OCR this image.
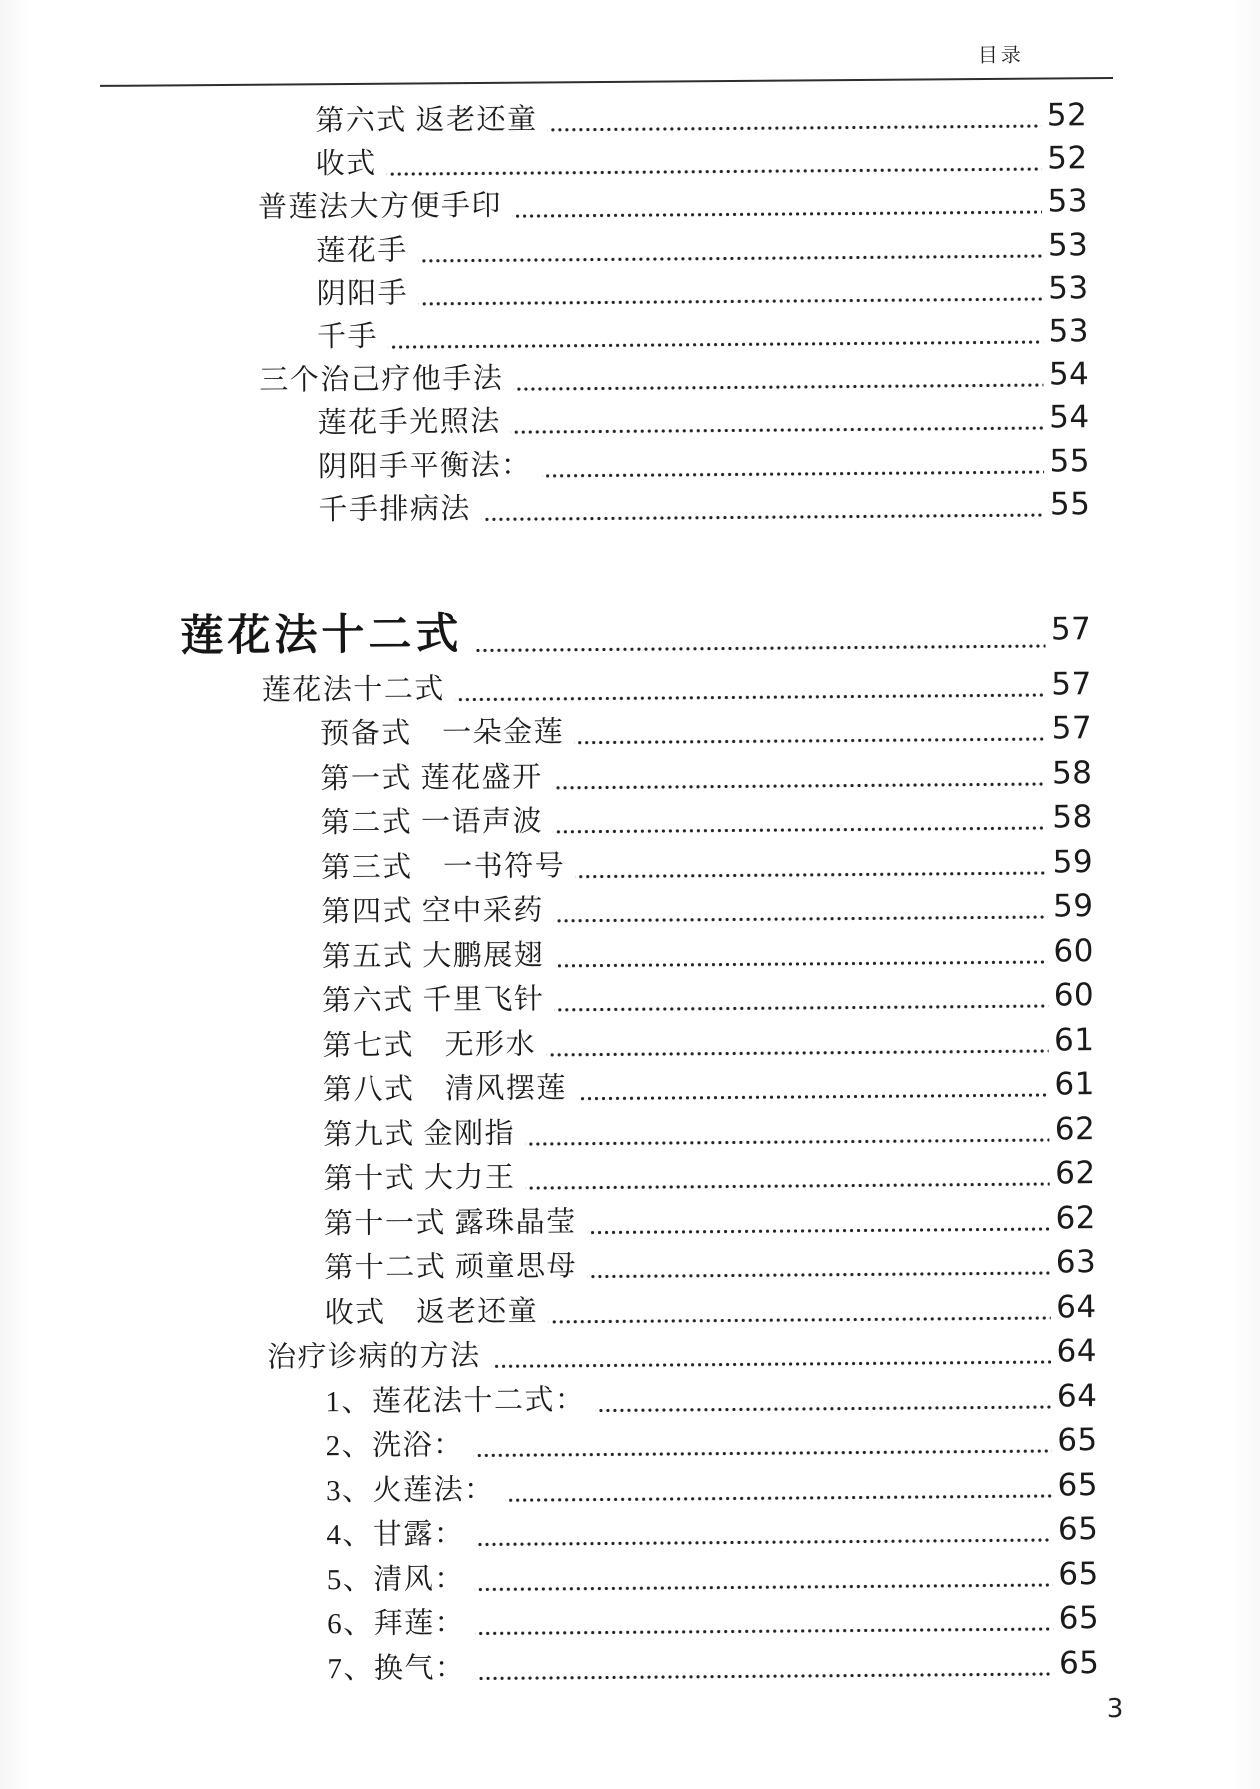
目录
第六式 返老还童	52
收式	52
普莲法大方便手印	53
莲花手	53
阴阳手	53
千手	53
三个治己疗他手法	54
莲花手光照法	54
阴阳手平衡法：	55
千手排病法	55
莲花法十二式	57
莲花法十二式	57
预备式　一朵金莲	57
第一式 莲花盛开	58
第二式 一语声波	58
第三式　一书符号	59
第四式 空中采药	59
第五式 大鹏展翅	60
第六式 千里飞针	60
第七式　无形水	61
第八式　清风摆莲	61
第九式 金刚指	62
第十式 大力王	62
第十一式 露珠晶莹	62
第十二式 顽童思母	63
收式　返老还童	64
治疗诊病的方法	64
1、莲花法十二式：	64
2、洗浴：	65
3、火莲法：	65
4、甘露：	65
5、清风：	65
6、拜莲：	65
7、换气：	65
3
